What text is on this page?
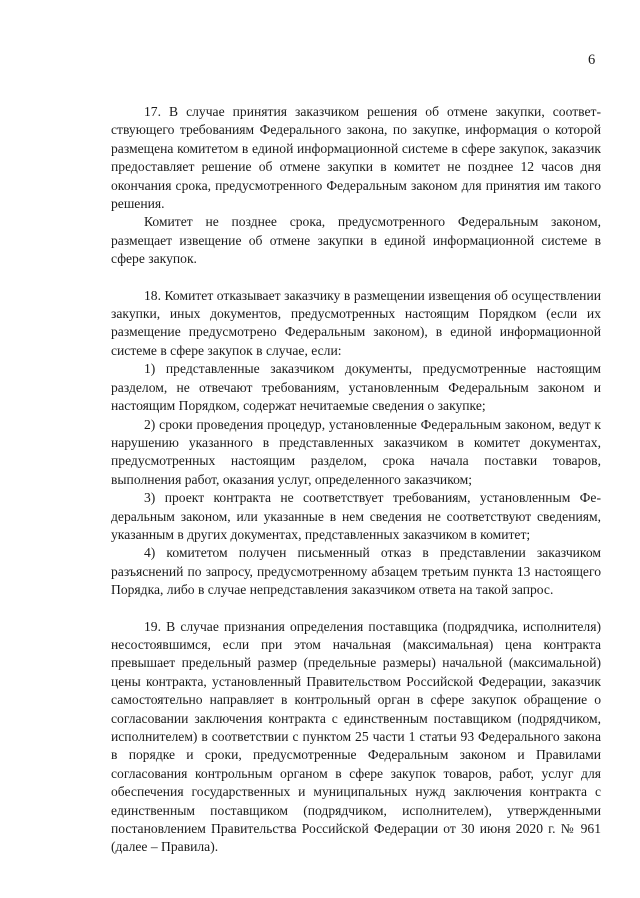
6

17. В случае принятия заказчиком решения об отмене закупки, соответствующего требованиям Федерального закона, по закупке, информация о которой размещена комитетом в единой информационной системе в сфере закупок, заказчик предоставляет решение об отмене закупки в комитет не позднее 12 часов дня окончания срока, предусмотренного Федеральным законом для принятия им такого решения.

Комитет не позднее срока, предусмотренного Федеральным законом, размещает извещение об отмене закупки в единой информационной системе в сфере закупок.

18. Комитет отказывает заказчику в размещении извещения об осуществлении закупки, иных документов, предусмотренных настоящим Порядком (если их размещение предусмотрено Федеральным законом), в единой информационной системе в сфере закупок в случае, если:

1) представленные заказчиком документы, предусмотренные настоящим разделом, не отвечают требованиям, установленным Федеральным законом и настоящим Порядком, содержат нечитаемые сведения о закупке;

2) сроки проведения процедур, установленные Федеральным законом, ведут к нарушению указанного в представленных заказчиком в комитет документах, предусмотренных настоящим разделом, срока начала поставки товаров, выполнения работ, оказания услуг, определенного заказчиком;

3) проект контракта не соответствует требованиям, установленным Федеральным законом, или указанные в нем сведения не соответствуют сведениям, указанным в других документах, представленных заказчиком в комитет;

4) комитетом получен письменный отказ в представлении заказчиком разъяснений по запросу, предусмотренному абзацем третьим пункта 13 настоящего Порядка, либо в случае непредставления заказчиком ответа на такой запрос.

19. В случае признания определения поставщика (подрядчика, исполнителя) несостоявшимся, если при этом начальная (максимальная) цена контракта превышает предельный размер (предельные размеры) начальной (максимальной) цены контракта, установленный Правительством Российской Федерации, заказчик самостоятельно направляет в контрольный орган в сфере закупок обращение о согласовании заключения контракта с единственным поставщиком (подрядчиком, исполнителем) в соответствии с пунктом 25 части 1 статьи 93 Федерального закона в порядке и сроки, предусмотренные Федеральным законом и Правилами согласования контрольным органом в сфере закупок товаров, работ, услуг для обеспечения государственных и муниципальных нужд заключения контракта с единственным поставщиком (подрядчиком, исполнителем), утвержденными постановлением Правительства Российской Федерации от 30 июня 2020 г. № 961 (далее – Правила).
